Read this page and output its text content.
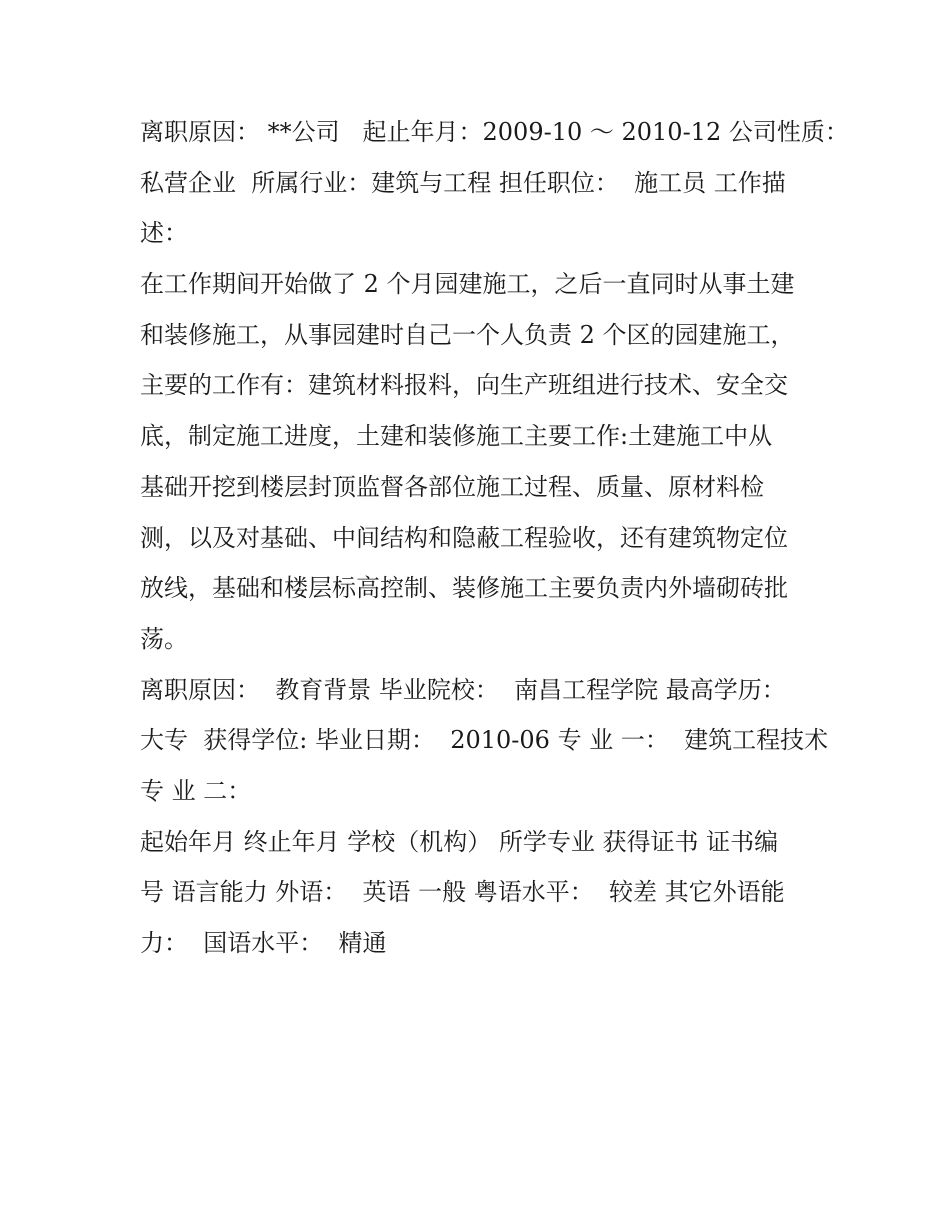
离职原因： **公司   起止年月：2009-10 ～ 2010-12 公司性质：
私营企业  所属行业：建筑与工程 担任职位：  施工员 工作描
述：
在工作期间开始做了 2 个月园建施工，之后一直同时从事土建
和装修施工，从事园建时自己一个人负责 2 个区的园建施工，
主要的工作有：建筑材料报料，向生产班组进行技术、安全交
底，制定施工进度，土建和装修施工主要工作:土建施工中从
基础开挖到楼层封顶监督各部位施工过程、质量、原材料检
测，以及对基础、中间结构和隐蔽工程验收，还有建筑物定位
放线，基础和楼层标高控制、装修施工主要负责内外墙砌砖批
荡。
离职原因：  教育背景 毕业院校：  南昌工程学院 最高学历：
大专  获得学位: 毕业日期：  2010-06 专 业 一：  建筑工程技术
专 业 二：
起始年月 终止年月 学校（机构） 所学专业 获得证书 证书编
号 语言能力 外语：  英语 一般 粤语水平：  较差 其它外语能
力：  国语水平：  精通
